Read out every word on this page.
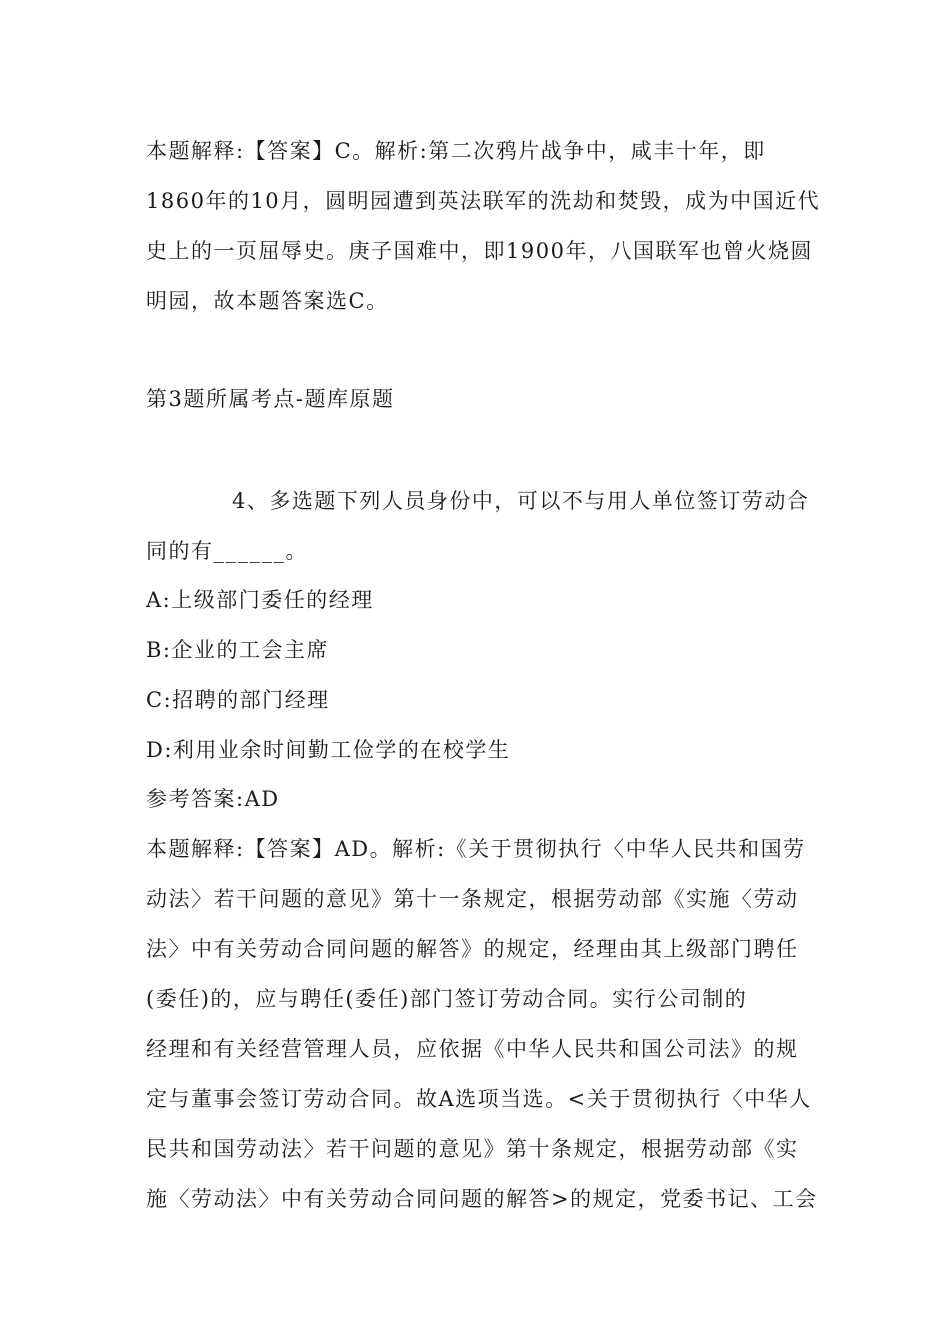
本题解释:【答案】C。解析:第二次鸦片战争中，咸丰十年，即
1860年的10月，圆明园遭到英法联军的洗劫和焚毁，成为中国近代
史上的一页屈辱史。庚子国难中，即1900年，八国联军也曾火烧圆
明园，故本题答案选C。
第3题所属考点-题库原题
4、多选题下列人员身份中，可以不与用人单位签订劳动合
同的有______。
A:上级部门委任的经理
B:企业的工会主席
C:招聘的部门经理
D:利用业余时间勤工俭学的在校学生
参考答案:AD
本题解释:【答案】AD。解析:《关于贯彻执行〈中华人民共和国劳
动法〉若干问题的意见》第十一条规定，根据劳动部《实施〈劳动
法〉中有关劳动合同问题的解答》的规定，经理由其上级部门聘任
(委任)的，应与聘任(委任)部门签订劳动合同。实行公司制的
经理和有关经营管理人员，应依据《中华人民共和国公司法》的规
定与董事会签订劳动合同。故A选项当选。<关于贯彻执行〈中华人
民共和国劳动法〉若干问题的意见》第十条规定，根据劳动部《实
施〈劳动法〉中有关劳动合同问题的解答>的规定，党委书记、工会
